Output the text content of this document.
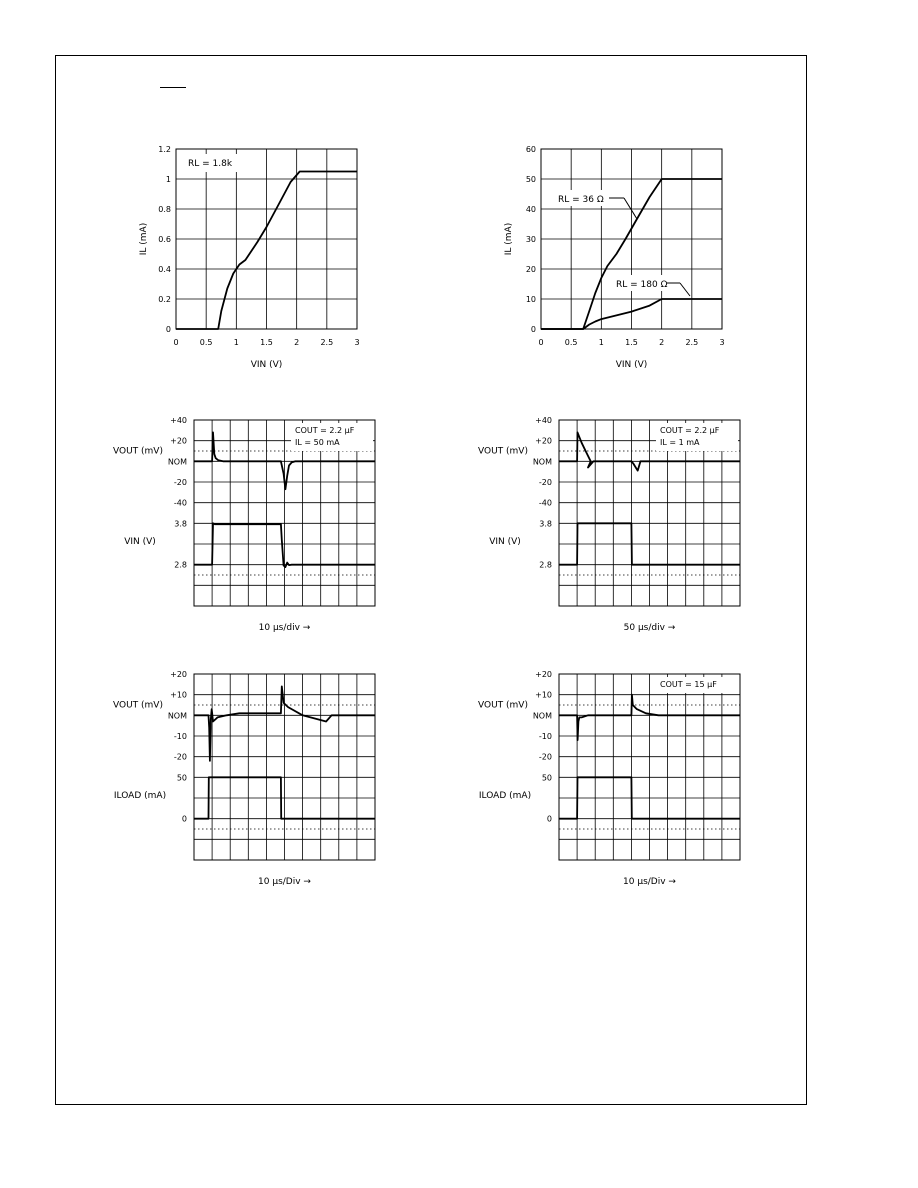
0	0.5	1	1.5	2	2.5	3
0
0.2
0.4
0.6
0.8
1
1.2
VIN (V)
IL (mA)
RL = 1.8k
0	0.5	1	1.5	2	2.5	3
0
10
20
30
40
50
60
VIN (V)
IL (mA)
RL = 36 Ω
RL = 180 Ω
+40
+20
NOM
-20
-40
3.8
2.8
VOUT (mV)
VIN (V)
10 μs/div →
COUT = 2.2 μF
IL = 50 mA
+40
+20
NOM
-20
-40
3.8
2.8
VOUT (mV)
VIN (V)
50 μs/div →
COUT = 2.2 μF
IL = 1 mA
+20
+10
NOM
-10
-20
50
0
VOUT (mV)
ILOAD (mA)
10 μs/Div →
+20
+10
NOM
-10
-20
50
0
VOUT (mV)
ILOAD (mA)
10 μs/Div →
COUT = 15 μF
